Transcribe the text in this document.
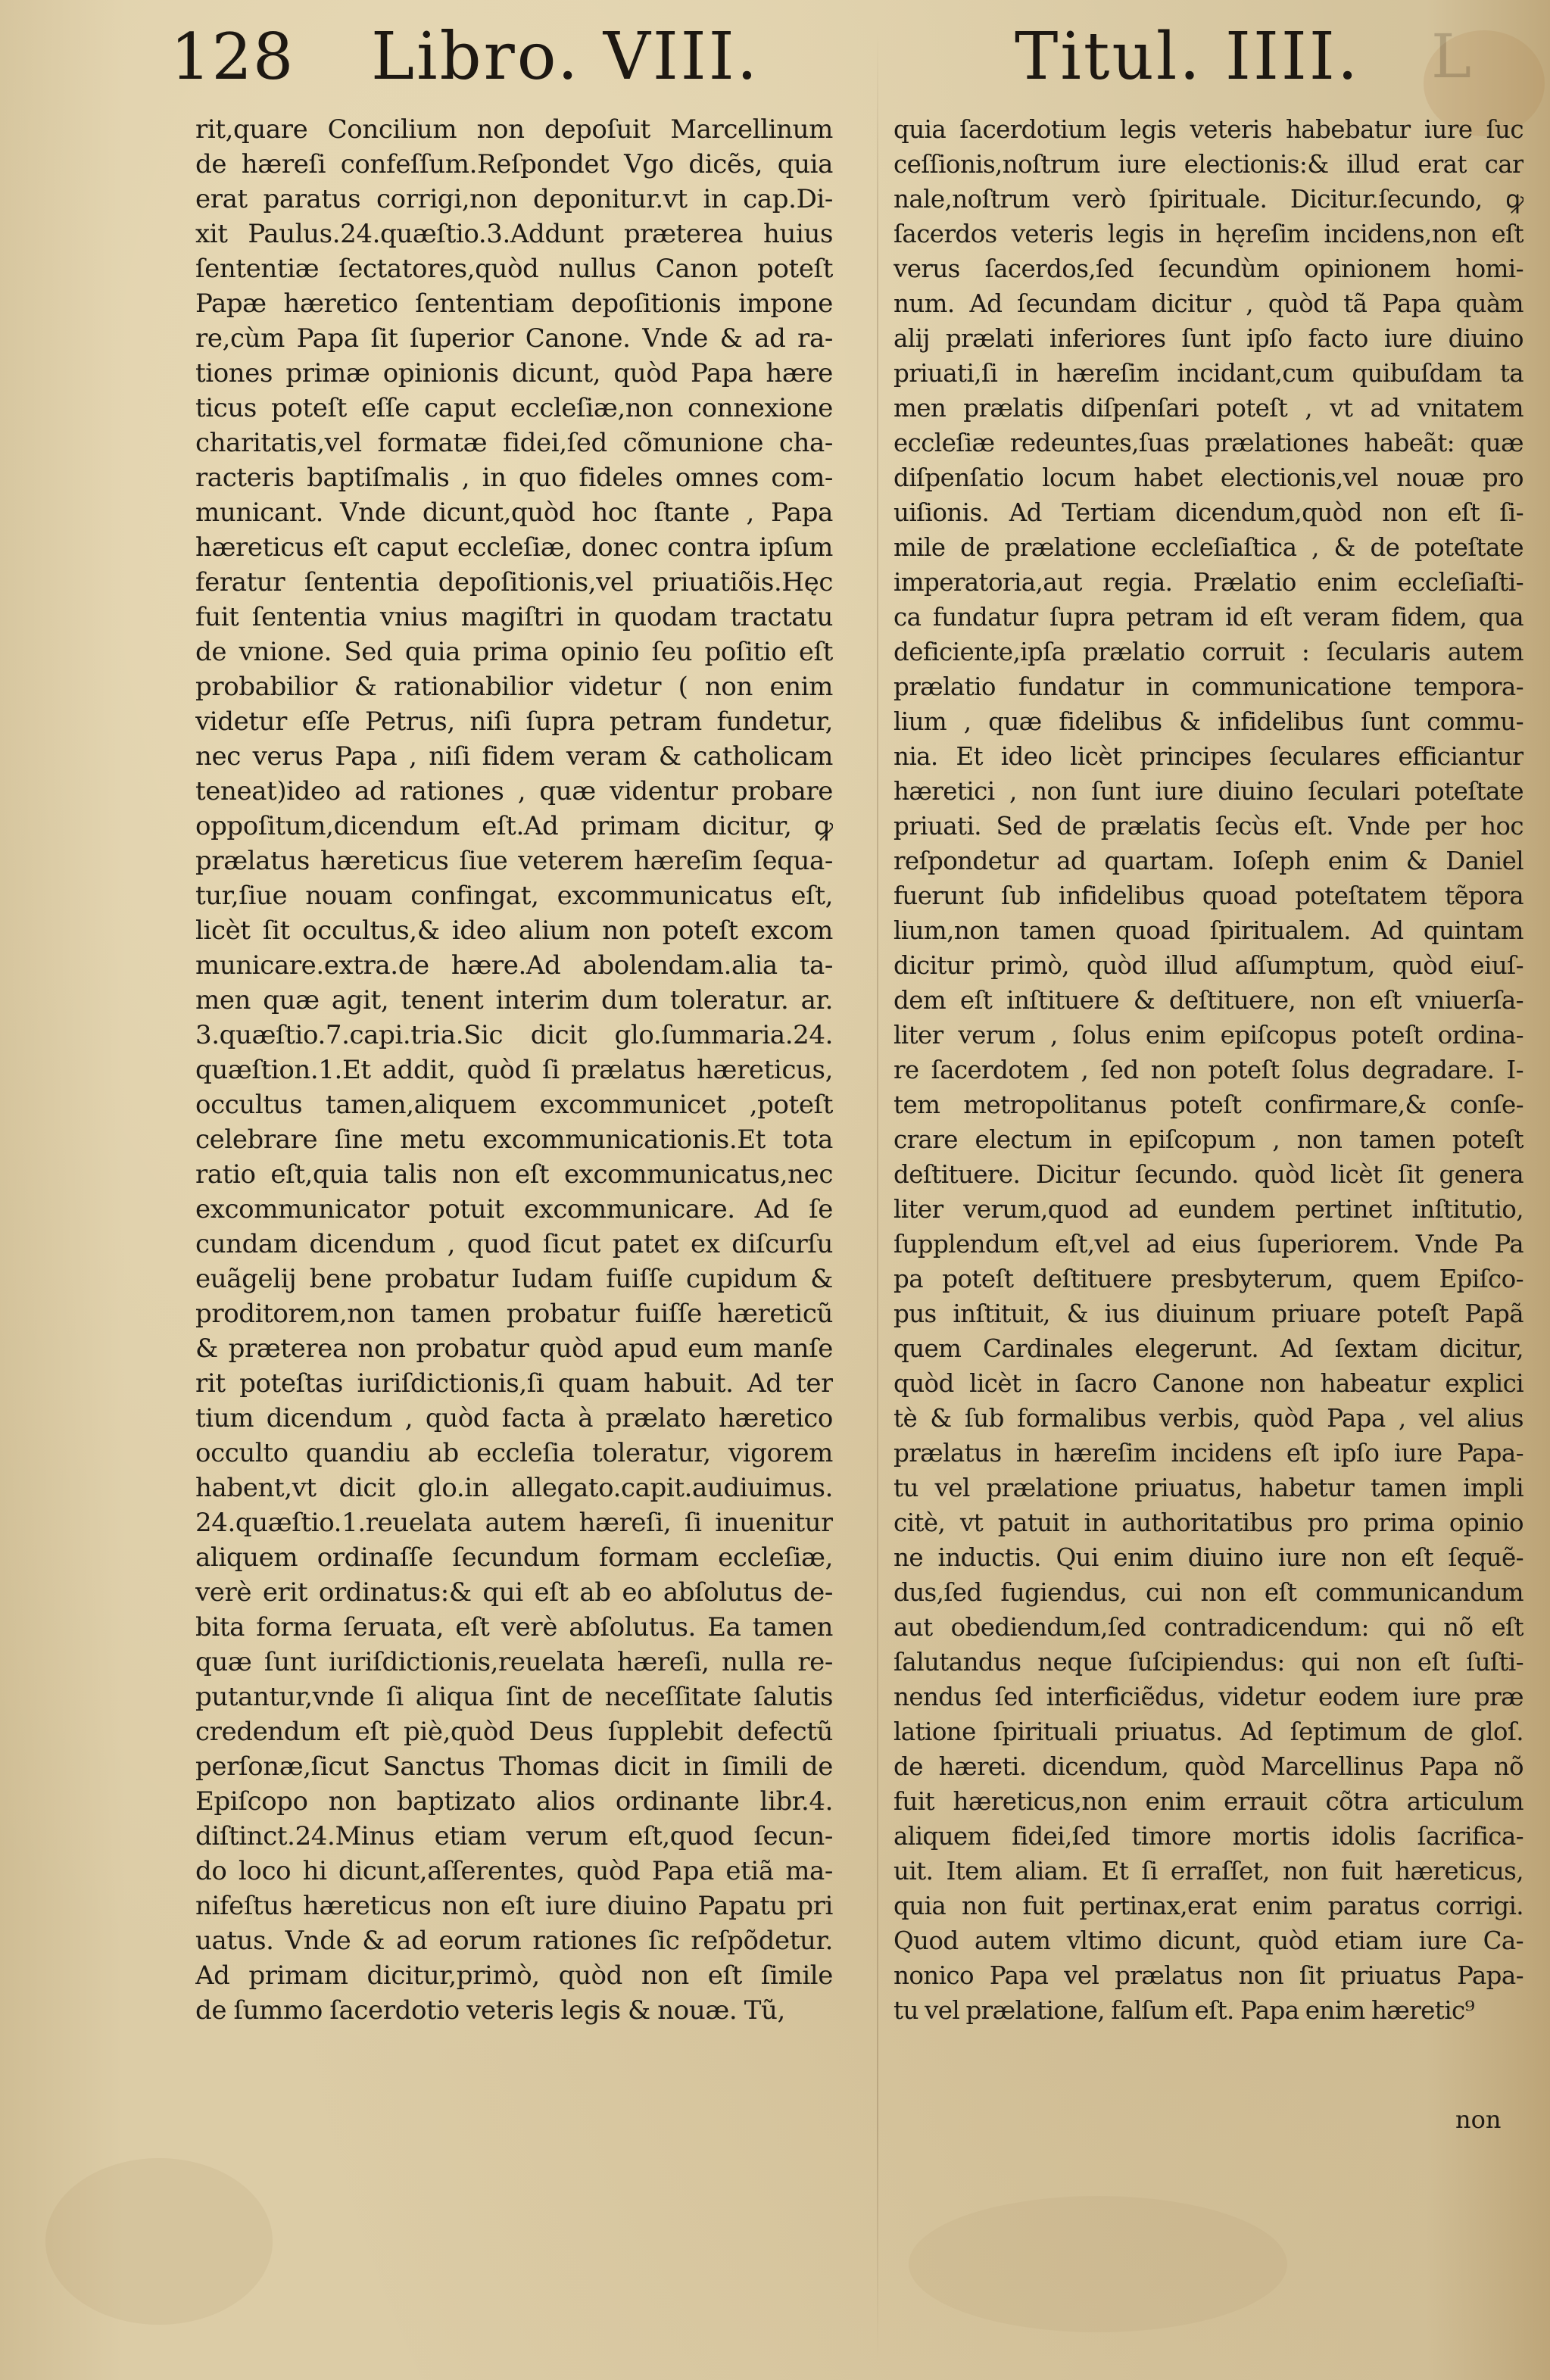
128 Libro. VIII.	Titul. IIII. L
rit,quare Concilium non depoſuit Marcellinum
de hæreſi confeſſum.Reſpondet Vgo dicẽs, quia
erat paratus corrigi,non deponitur.vt in cap.Di-
xit Paulus.24.quæſtio.3.Addunt præterea huius
ſententiæ ſectatores,quòd nullus Canon poteſt
Papæ hæretico ſententiam depoſitionis impone
re,cùm Papa ſit ſuperior Canone. Vnde & ad ra-
tiones primæ opinionis dicunt, quòd Papa hære
ticus poteſt eſſe caput eccleſiæ,non connexione
charitatis,vel formatæ fidei,ſed cõmunione cha-
racteris baptiſmalis , in quo fideles omnes com-
municant. Vnde dicunt,quòd hoc ſtante , Papa
hæreticus eſt caput eccleſiæ, donec contra ipſum
feratur ſententia depoſitionis,vel priuatiõis.Hęc
fuit ſententia vnius magiſtri in quodam tractatu
de vnione. Sed quia prima opinio ſeu poſitio eſt
probabilior & rationabilior videtur ( non enim
videtur eſſe Petrus, niſi ſupra petram fundetur,
nec verus Papa , niſi fidem veram & catholicam
teneat)ideo ad rationes , quæ videntur probare
oppoſitum,dicendum eſt.Ad primam dicitur, ꝙ
prælatus hæreticus ſiue veterem hæreſim ſequa-
tur,ſiue nouam confingat, excommunicatus eſt,
licèt ſit occultus,& ideo alium non poteſt excom
municare.extra.de hære.Ad abolendam.alia ta-
men quæ agit, tenent interim dum toleratur. ar.
3.quæſtio.7.capi.tria.Sic dicit glo.ſummaria.24.
quæſtion.1.Et addit, quòd ſi prælatus hæreticus,
occultus tamen,aliquem excommunicet ,poteſt
celebrare ſine metu excommunicationis.Et tota
ratio eſt,quia talis non eſt excommunicatus,nec
excommunicator potuit excommunicare. Ad ſe
cundam dicendum , quod ſicut patet ex diſcurſu
euãgelij bene probatur Iudam fuiſſe cupidum &
proditorem,non tamen probatur fuiſſe hæreticũ
& præterea non probatur quòd apud eum manſe
rit poteſtas iuriſdictionis,ſi quam habuit. Ad ter
tium dicendum , quòd facta à prælato hæretico
occulto quandiu ab eccleſia toleratur, vigorem
habent,vt dicit glo.in allegato.capit.audiuimus.
24.quæſtio.1.reuelata autem hæreſi, ſi inuenitur
aliquem ordinaſſe ſecundum formam eccleſiæ,
verè erit ordinatus:& qui eſt ab eo abſolutus de-
bita forma ſeruata, eſt verè abſolutus. Ea tamen
quæ ſunt iuriſdictionis,reuelata hæreſi, nulla re-
putantur,vnde ſi aliqua ſint de neceſſitate ſalutis
credendum eſt piè,quòd Deus ſupplebit defectũ
perſonæ,ſicut Sanctus Thomas dicit in ſimili de
Epiſcopo non baptizato alios ordinante libr.4.
diſtinct.24.Minus etiam verum eſt,quod ſecun-
do loco hi dicunt,aſſerentes, quòd Papa etiã ma-
nifeſtus hæreticus non eſt iure diuino Papatu pri
uatus. Vnde & ad eorum rationes ſic reſpõdetur.
Ad primam dicitur,primò, quòd non eſt ſimile
de ſummo ſacerdotio veteris legis & nouæ. Tũ,
quia ſacerdotium legis veteris habebatur iure ſuc
ceſſionis,noſtrum iure electionis:& illud erat car
nale,noſtrum verò ſpirituale. Dicitur.ſecundo, ꝙ
ſacerdos veteris legis in hęreſim incidens,non eſt
verus ſacerdos,ſed ſecundùm opinionem homi-
num. Ad ſecundam dicitur , quòd tã Papa quàm
alij prælati inferiores ſunt ipſo facto iure diuino
priuati,ſi in hæreſim incidant,cum quibuſdam ta
men prælatis diſpenſari poteſt , vt ad vnitatem
eccleſiæ redeuntes,ſuas prælationes habeãt: quæ
diſpenſatio locum habet electionis,vel nouæ pro
uiſionis. Ad Tertiam dicendum,quòd non eſt ſi-
mile de prælatione eccleſiaſtica , & de poteſtate
imperatoria,aut regia. Prælatio enim eccleſiaſti-
ca fundatur ſupra petram id eſt veram fidem, qua
deficiente,ipſa prælatio corruit : ſecularis autem
prælatio fundatur in communicatione tempora-
lium , quæ fidelibus & infidelibus ſunt commu-
nia. Et ideo licèt principes ſeculares efficiantur
hæretici , non ſunt iure diuino ſeculari poteſtate
priuati. Sed de prælatis ſecùs eſt. Vnde per hoc
reſpondetur ad quartam. Ioſeph enim & Daniel
fuerunt ſub infidelibus quoad poteſtatem tẽpora
lium,non tamen quoad ſpiritualem. Ad quintam
dicitur primò, quòd illud aſſumptum, quòd eiuſ-
dem eſt inſtituere & deſtituere, non eſt vniuerſa-
liter verum , ſolus enim epiſcopus poteſt ordina-
re ſacerdotem , ſed non poteſt ſolus degradare. I-
tem metropolitanus poteſt confirmare,& conſe-
crare electum in epiſcopum , non tamen poteſt
deſtituere. Dicitur ſecundo. quòd licèt ſit genera
liter verum,quod ad eundem pertinet inſtitutio,
ſupplendum eſt,vel ad eius ſuperiorem. Vnde Pa
pa poteſt deſtituere presbyterum, quem Epiſco-
pus inſtituit, & ius diuinum priuare poteſt Papã
quem Cardinales elegerunt. Ad ſextam dicitur,
quòd licèt in ſacro Canone non habeatur explici
tè & ſub formalibus verbis, quòd Papa , vel alius
prælatus in hæreſim incidens eſt ipſo iure Papa-
tu vel prælatione priuatus, habetur tamen impli
citè, vt patuit in authoritatibus pro prima opinio
ne inductis. Qui enim diuino iure non eſt ſequẽ-
dus,ſed fugiendus, cui non eſt communicandum
aut obediendum,ſed contradicendum: qui nõ eſt
ſalutandus neque ſuſcipiendus: qui non eſt ſuſti-
nendus ſed interficiẽdus, videtur eodem iure præ
latione ſpirituali priuatus. Ad ſeptimum de gloſ.
de hæreti. dicendum, quòd Marcellinus Papa nõ
fuit hæreticus,non enim errauit cõtra articulum
aliquem fidei,ſed timore mortis idolis ſacrifica-
uit. Item aliam. Et ſi erraſſet, non fuit hæreticus,
quia non fuit pertinax,erat enim paratus corrigi.
Quod autem vltimo dicunt, quòd etiam iure Ca-
nonico Papa vel prælatus non ſit priuatus Papa-
tu vel prælatione, falſum eſt. Papa enim hæretic⁹
non
